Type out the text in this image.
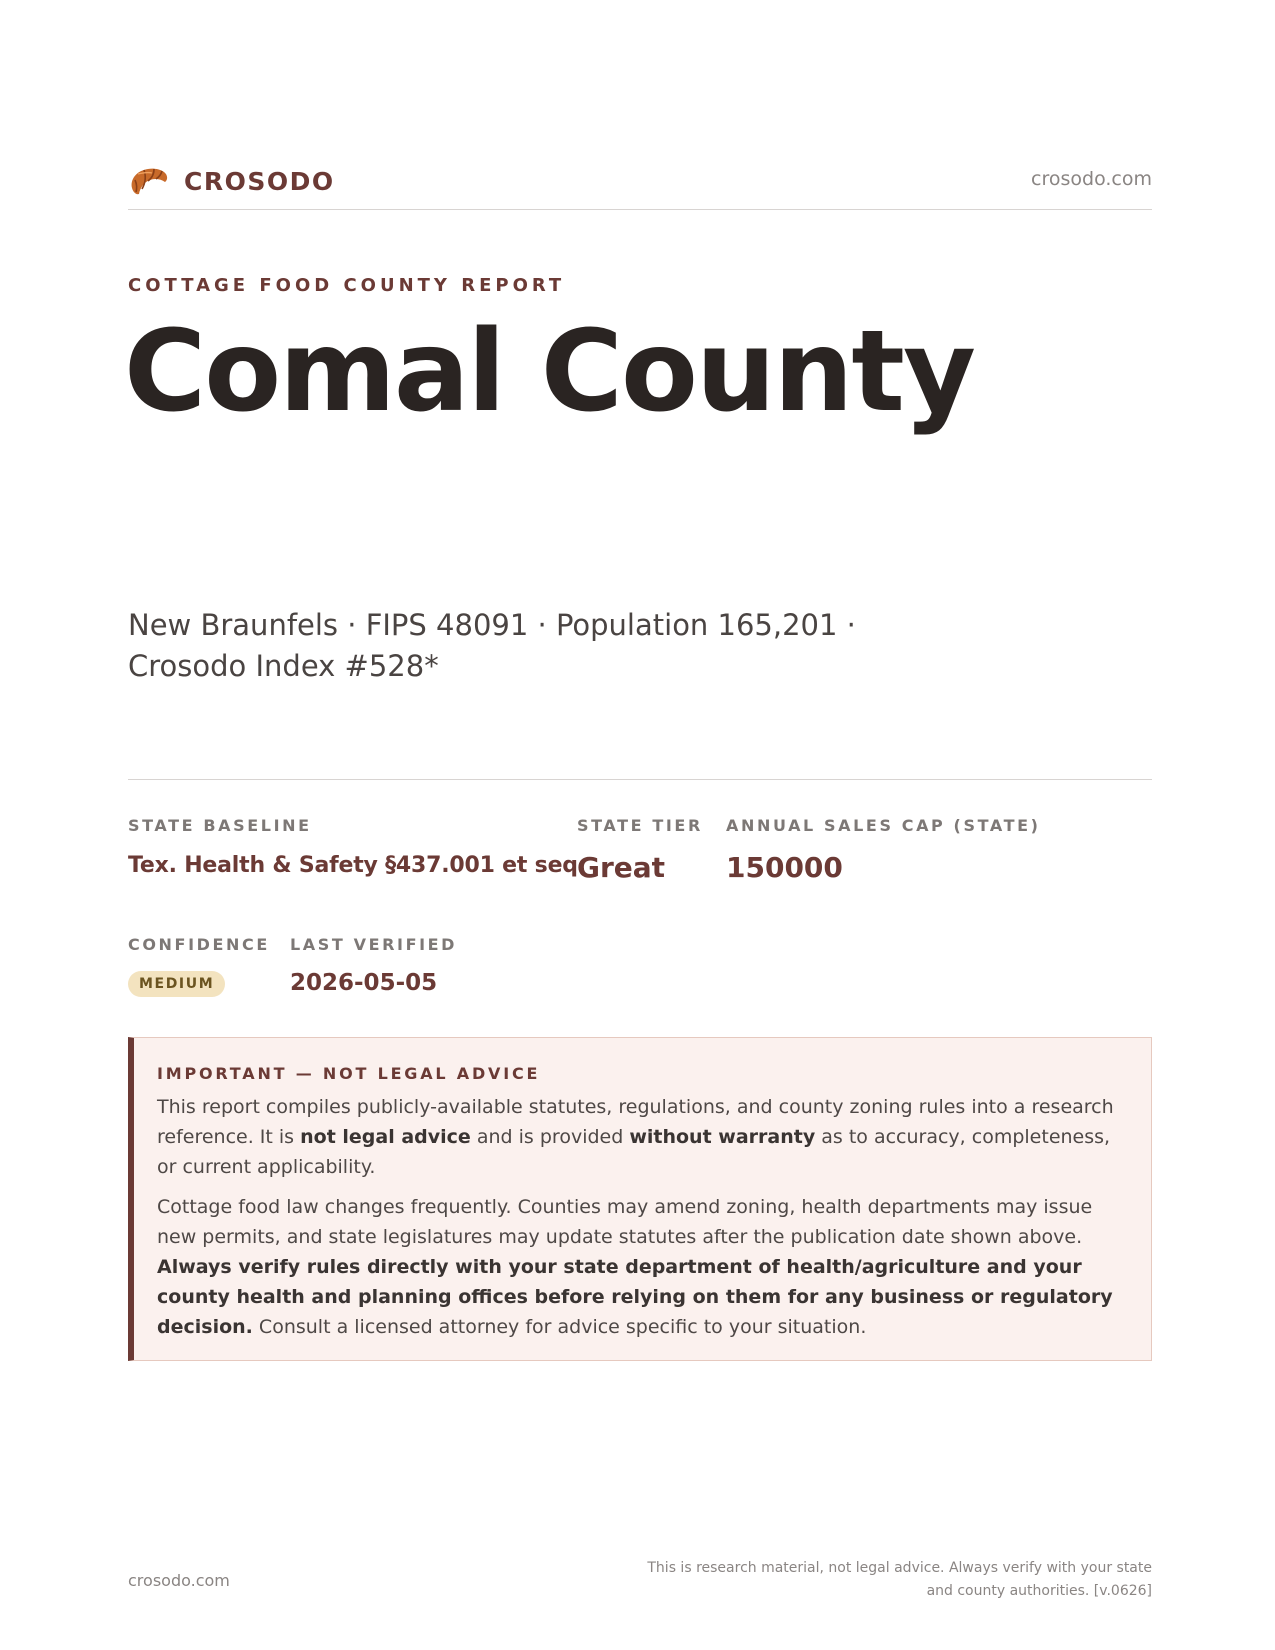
CROSODO	crosodo.com
COTTAGE FOOD COUNTY REPORT
Comal County
New Braunfels · FIPS 48091 · Population 165,201 · Crosodo Index #528*
STATE BASELINE
Tex. Health & Safety §437.001 et seq.
STATE TIER
Great
ANNUAL SALES CAP (STATE)
150000
CONFIDENCE
MEDIUM
LAST VERIFIED
2026-05-05
IMPORTANT — NOT LEGAL ADVICE

This report compiles publicly-available statutes, regulations, and county zoning rules into a research reference. It is not legal advice and is provided without warranty as to accuracy, completeness, or current applicability.

Cottage food law changes frequently. Counties may amend zoning, health departments may issue new permits, and state legislatures may update statutes after the publication date shown above. Always verify rules directly with your state department of health/agriculture and your county health and planning offices before relying on them for any business or regulatory decision. Consult a licensed attorney for advice specific to your situation.

crosodo.com
This is research material, not legal advice. Always verify with your state and county authorities. [v.0626]
